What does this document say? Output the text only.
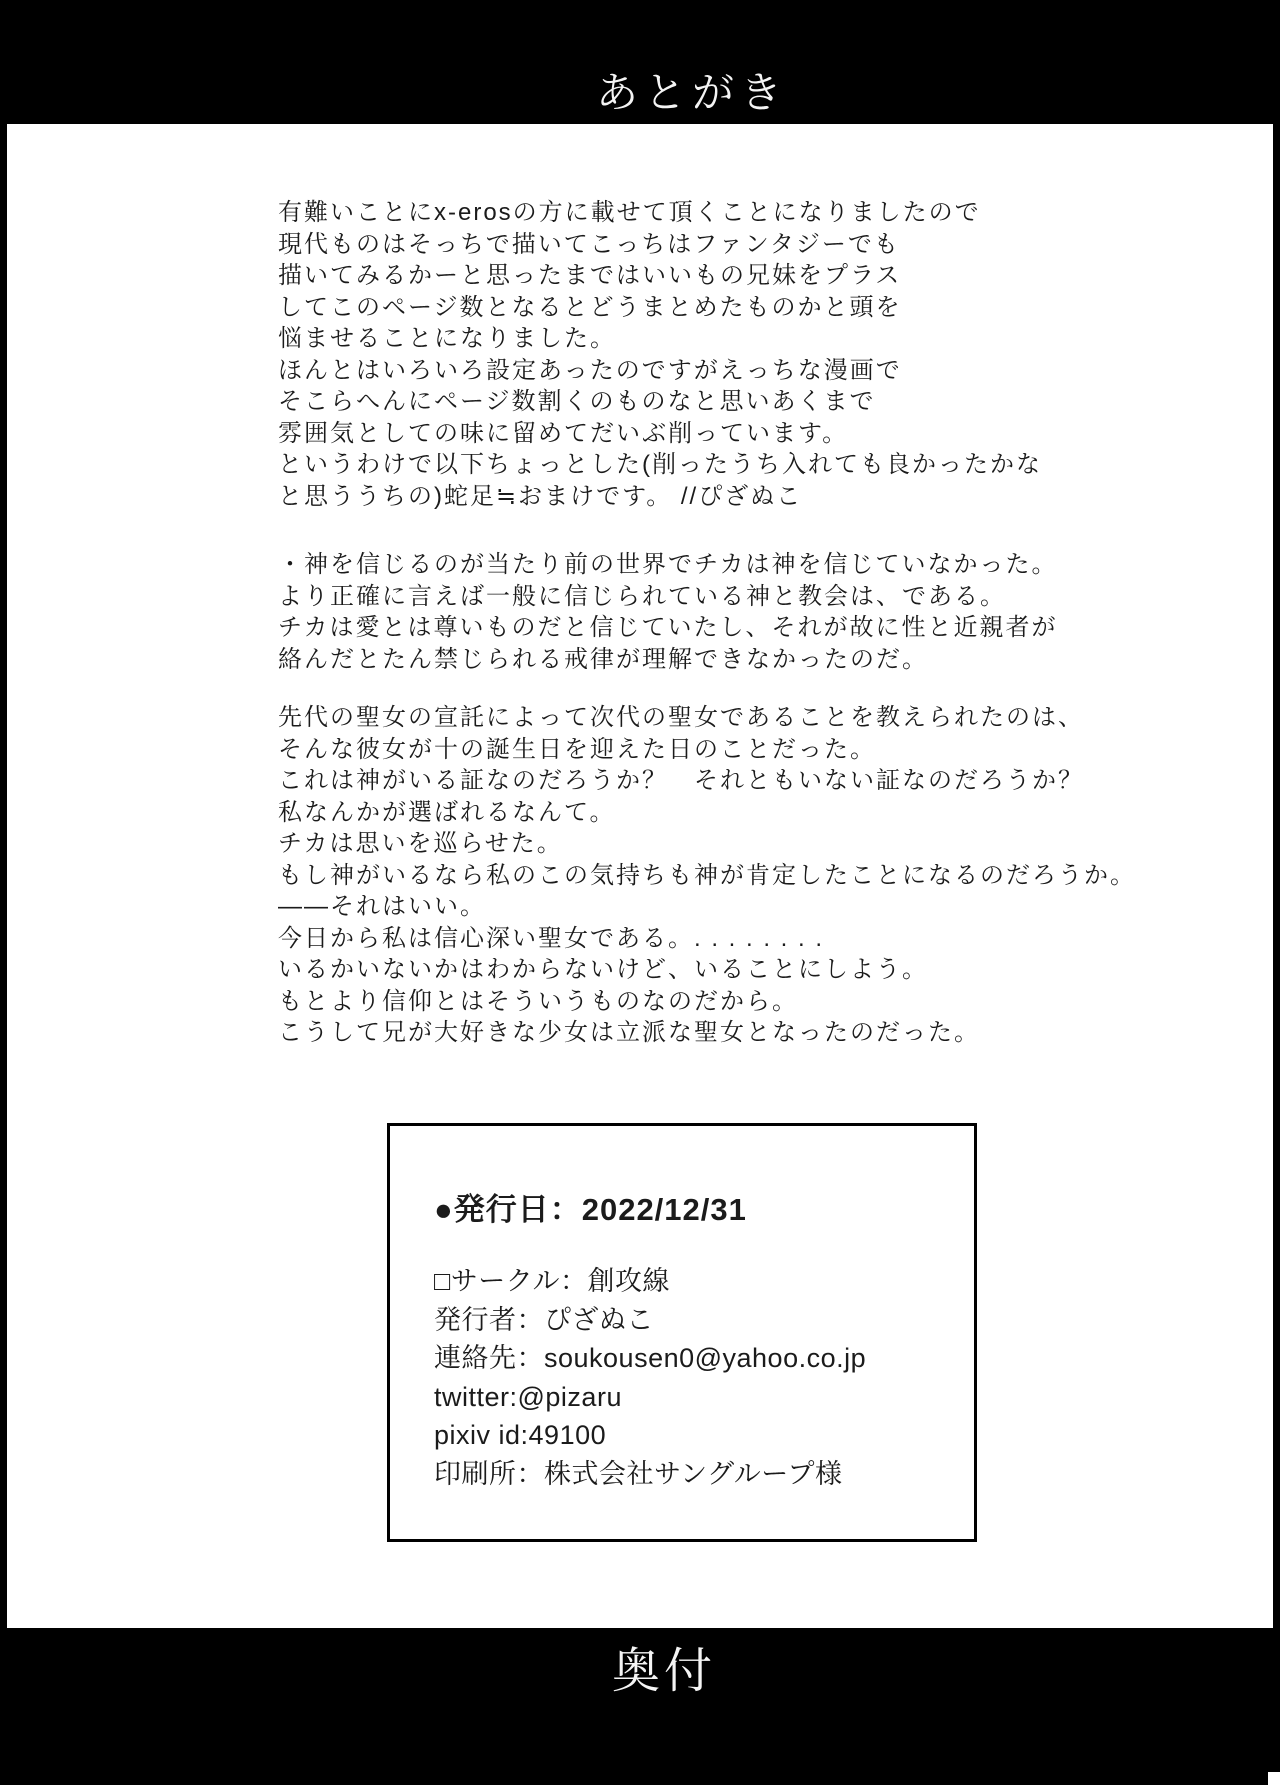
あとがき
有難いことにx-erosの方に載せて頂くことになりましたので
現代ものはそっちで描いてこっちはファンタジーでも
描いてみるかーと思ったまではいいもの兄妹をプラス
してこのページ数となるとどうまとめたものかと頭を
悩ませることになりました。
ほんとはいろいろ設定あったのですがえっちな漫画で
そこらへんにページ数割くのものなと思いあくまで
雰囲気としての味に留めてだいぶ削っています。
というわけで以下ちょっとした(削ったうち入れても良かったかな
と思ううちの)蛇足≒おまけです。 //ぴざぬこ
・神を信じるのが当たり前の世界でチカは神を信じていなかった。
より正確に言えば一般に信じられている神と教会は、である。
チカは愛とは尊いものだと信じていたし、それが故に性と近親者が
絡んだとたん禁じられる戒律が理解できなかったのだ。
先代の聖女の宣託によって次代の聖女であることを教えられたのは、
そんな彼女が十の誕生日を迎えた日のことだった。
これは神がいる証なのだろうか？　それともいない証なのだろうか？
私なんかが選ばれるなんて。
チカは思いを巡らせた。
もし神がいるなら私のこの気持ちも神が肯定したことになるのだろうか。
——それはいい。
今日から私は信心深い聖女である。. . . . . . . .
いるかいないかはわからないけど、いることにしよう。
もとより信仰とはそういうものなのだから。
こうして兄が大好きな少女は立派な聖女となったのだった。
●発行日：2022/12/31
□サークル：創攻線
発行者：ぴざぬこ
連絡先：soukousen0@yahoo.co.jp
twitter:@pizaru
pixiv id:49100
印刷所：株式会社サングループ様
奥付
